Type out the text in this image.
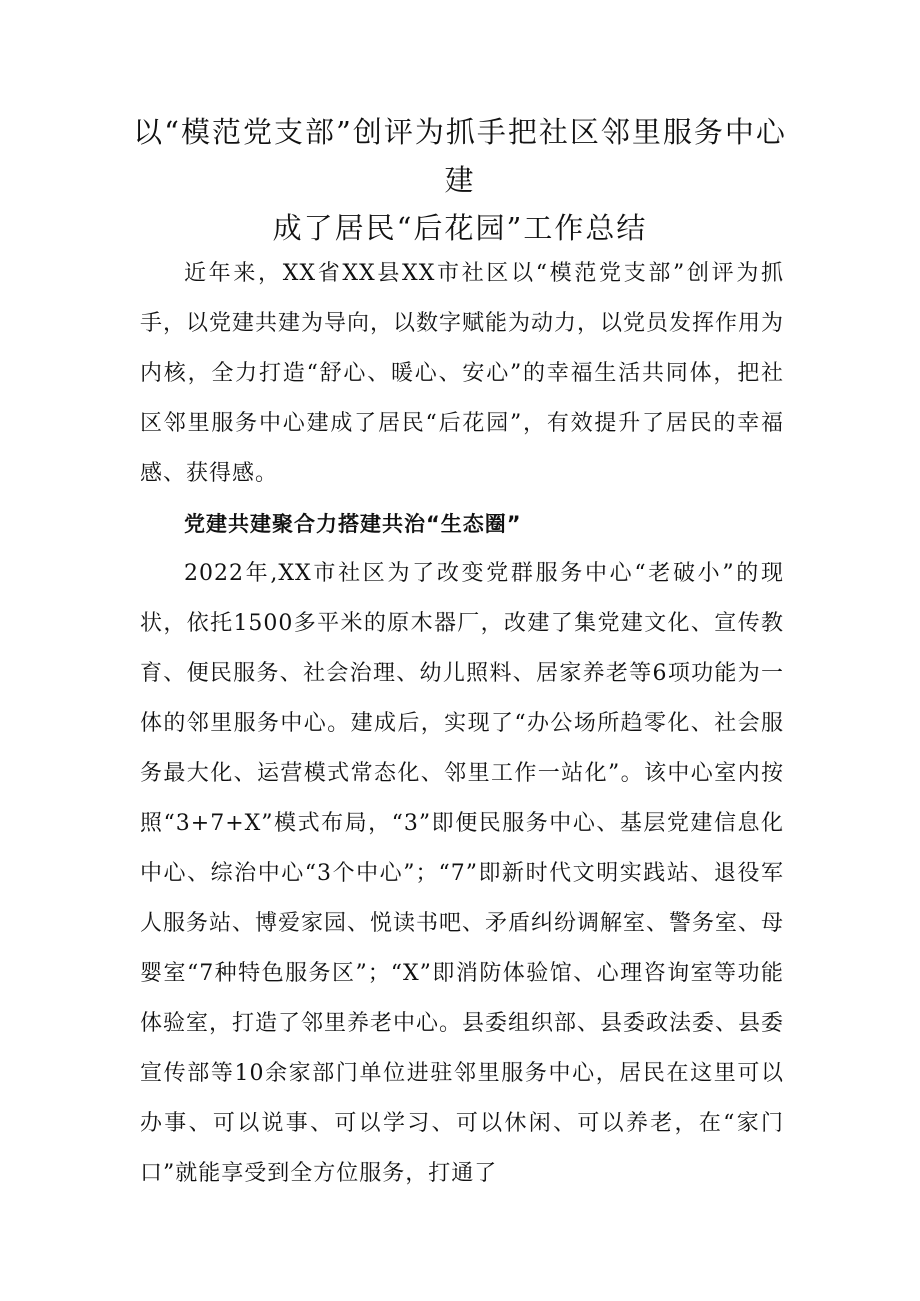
以“模范党支部”创评为抓手把社区邻里服务中心建
成了居民“后花园”工作总结

近年来，XX省XX县XX市社区以“模范党支部”创评为抓手，以党建共建为导向，以数字赋能为动力，以党员发挥作用为内核，全力打造“舒心、暖心、安心”的幸福生活共同体，把社区邻里服务中心建成了居民“后花园”，有效提升了居民的幸福感、获得感。

党建共建聚合力搭建共治“生态圈”

2022年,XX市社区为了改变党群服务中心“老破小”的现状，依托1500多平米的原木器厂，改建了集党建文化、宣传教育、便民服务、社会治理、幼儿照料、居家养老等6项功能为一体的邻里服务中心。建成后，实现了“办公场所趋零化、社会服务最大化、运营模式常态化、邻里工作一站化”。该中心室内按照“3+7+X”模式布局，“3”即便民服务中心、基层党建信息化中心、综治中心“3个中心”；“7”即新时代文明实践站、退役军人服务站、博爱家园、悦读书吧、矛盾纠纷调解室、警务室、母婴室“7种特色服务区”；“X”即消防体验馆、心理咨询室等功能体验室，打造了邻里养老中心。县委组织部、县委政法委、县委宣传部等10余家部门单位进驻邻里服务中心，居民在这里可以办事、可以说事、可以学习、可以休闲、可以养老，在“家门口”就能享受到全方位服务，打通了
